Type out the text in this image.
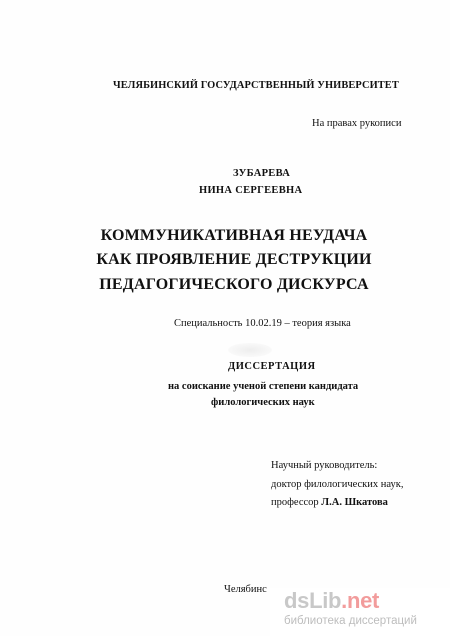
ЧЕЛЯБИНСКИЙ ГОСУДАРСТВЕННЫЙ УНИВЕРСИТЕТ
На правах рукописи
ЗУБАРЕВА
НИНА СЕРГЕЕВНА
КОММУНИКАТИВНАЯ НЕУДАЧА
КАК ПРОЯВЛЕНИЕ ДЕСТРУКЦИИ
ПЕДАГОГИЧЕСКОГО ДИСКУРСА
Специальность 10.02.19 – теория языка
ДИССЕРТАЦИЯ
на соискание ученой степени кандидата
филологических наук
Научный руководитель:
доктор филологических наук,
профессор Л.А. Шкатова
Челябинс dsLib.net
библиотека диссертаций
